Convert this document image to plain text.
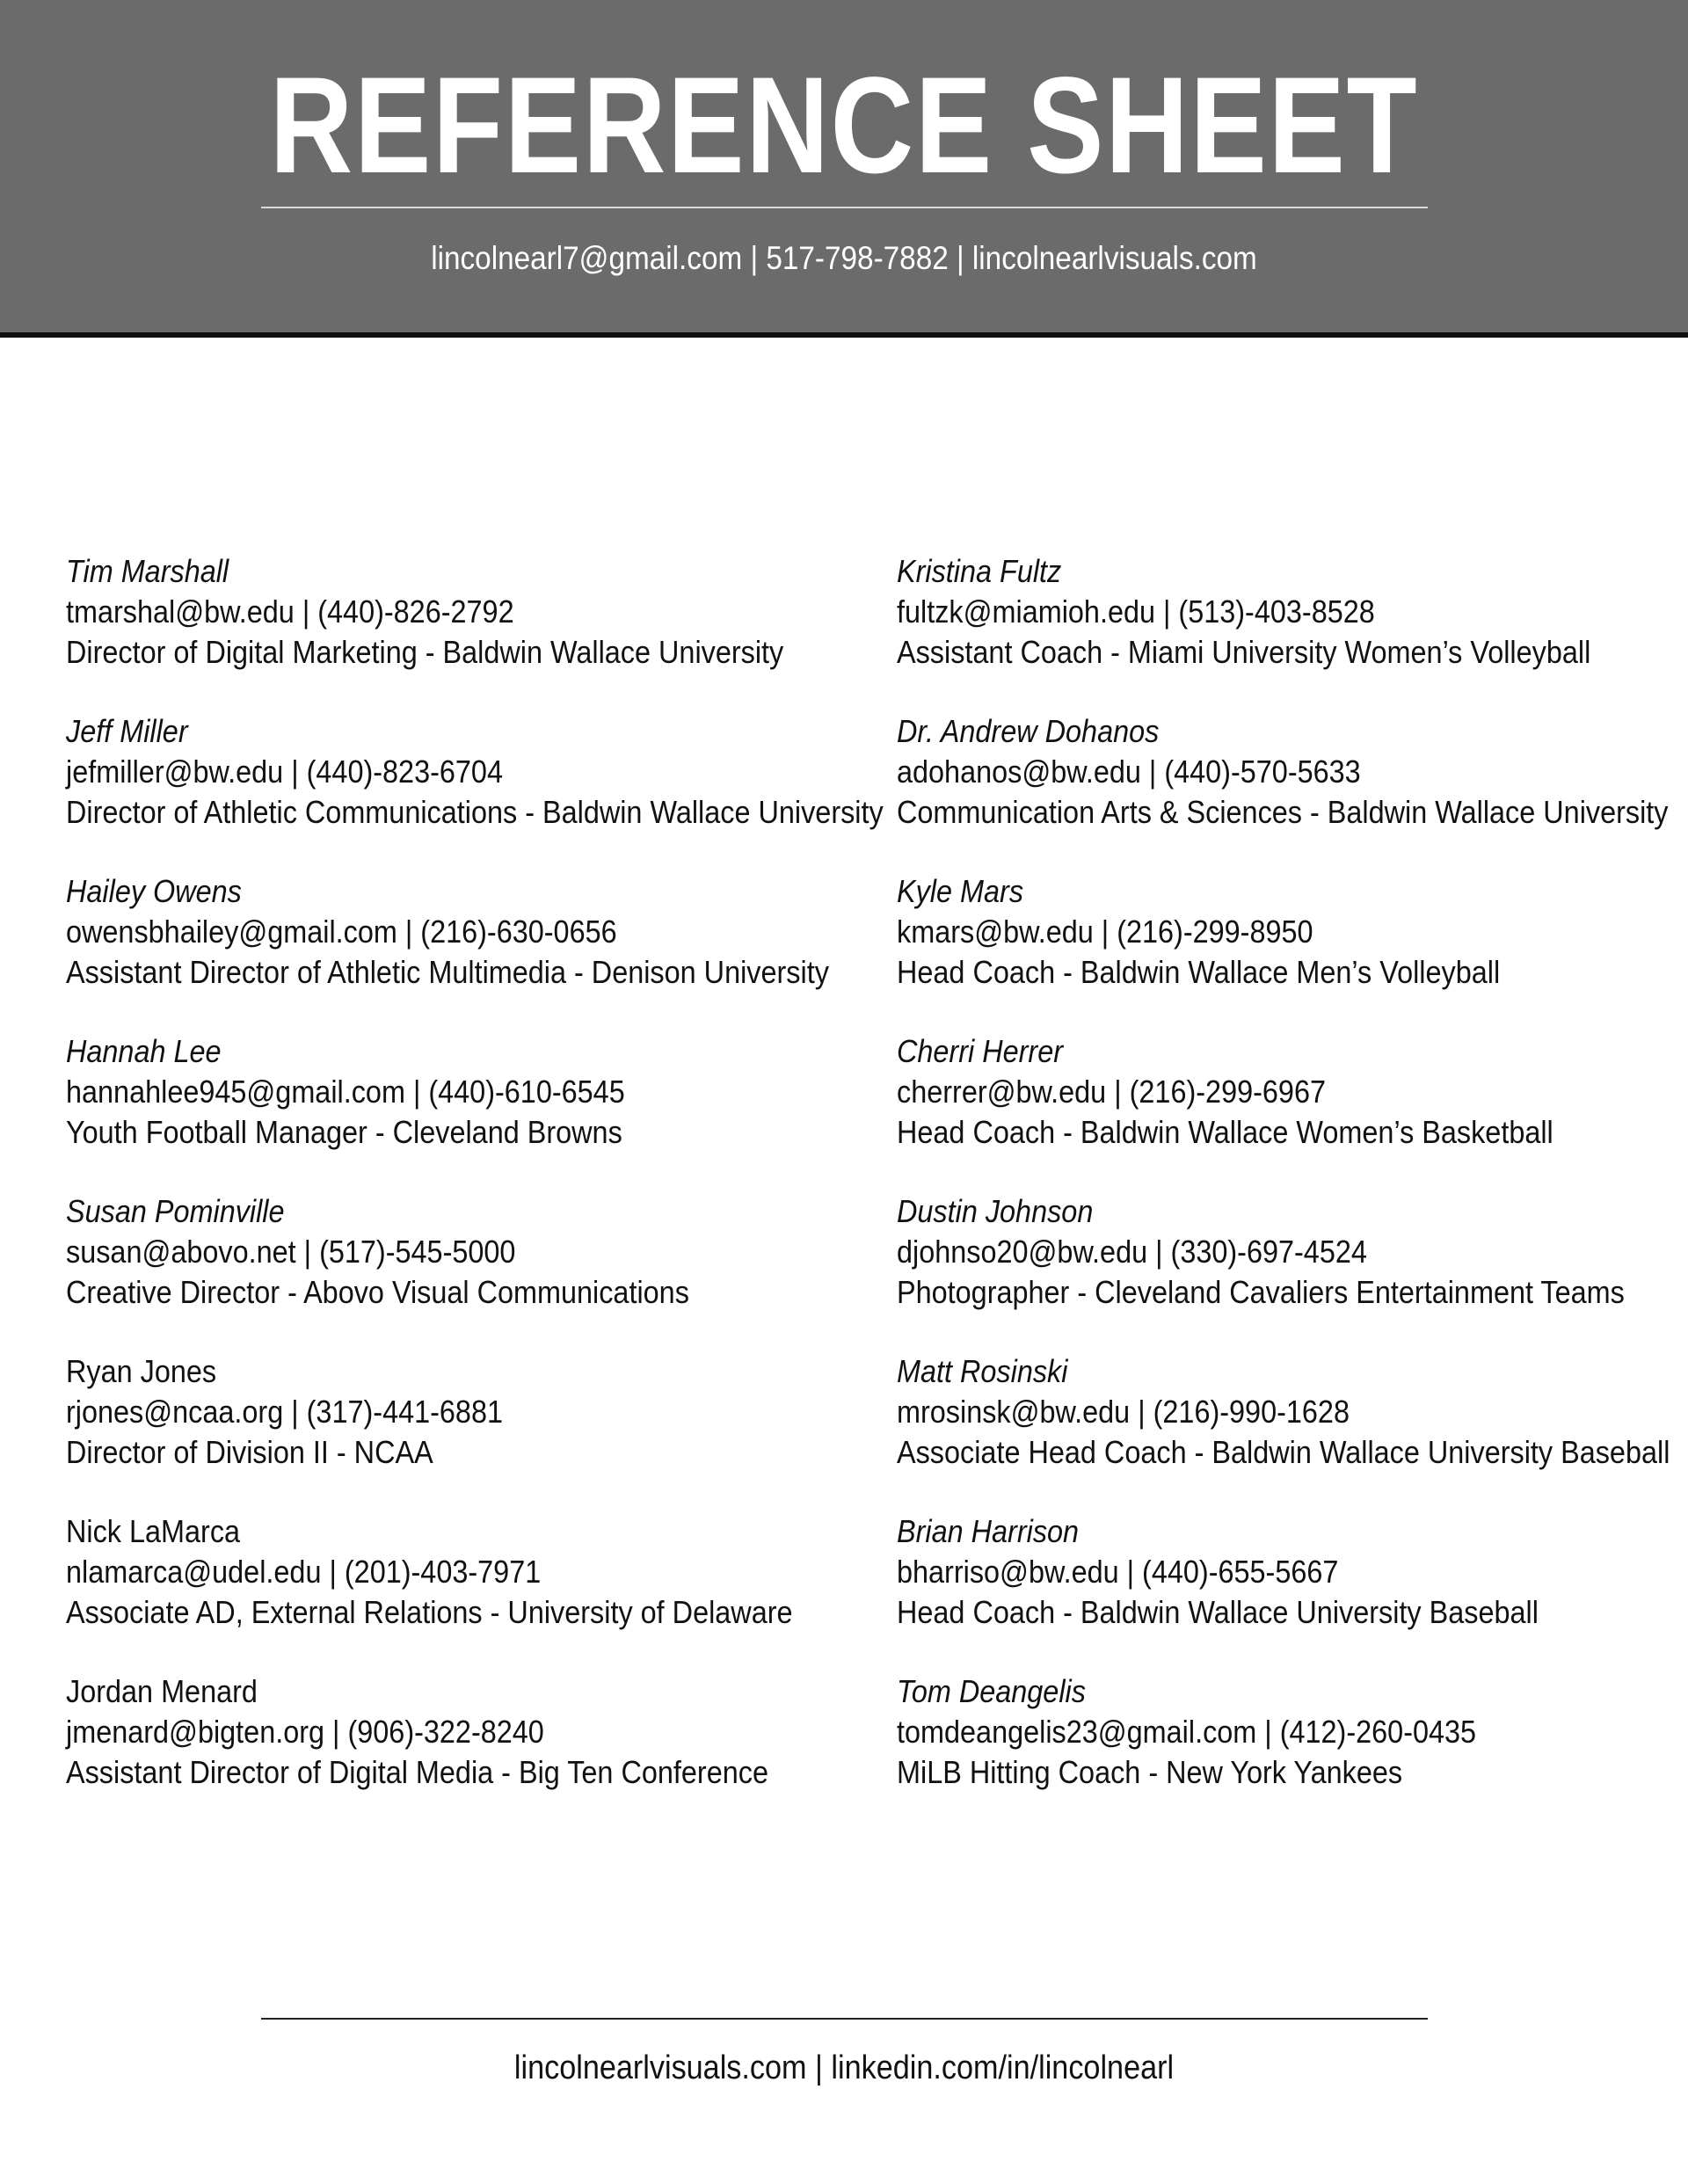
REFERENCE SHEET
lincolnearl7@gmail.com | 517-798-7882 | lincolnearlvisuals.com
Tim Marshall
tmarshal@bw.edu | (440)-826-2792
Director of Digital Marketing - Baldwin Wallace University
Jeff Miller
jefmiller@bw.edu | (440)-823-6704
Director of Athletic Communications - Baldwin Wallace University
Hailey Owens
owensbhailey@gmail.com | (216)-630-0656
Assistant Director of Athletic Multimedia - Denison University
Hannah Lee
hannahlee945@gmail.com | (440)-610-6545
Youth Football Manager - Cleveland Browns
Susan Pominville
susan@abovo.net | (517)-545-5000
Creative Director - Abovo Visual Communications
Ryan Jones
rjones@ncaa.org | (317)-441-6881
Director of Division II - NCAA
Nick LaMarca
nlamarca@udel.edu | (201)-403-7971
Associate AD, External Relations - University of Delaware
Jordan Menard
jmenard@bigten.org | (906)-322-8240
Assistant Director of Digital Media - Big Ten Conference
Kristina Fultz
fultzk@miamioh.edu | (513)-403-8528
Assistant Coach - Miami University Women’s Volleyball
Dr. Andrew Dohanos
adohanos@bw.edu | (440)-570-5633
Communication Arts & Sciences - Baldwin Wallace University
Kyle Mars
kmars@bw.edu | (216)-299-8950
Head Coach - Baldwin Wallace Men’s Volleyball
Cherri Herrer
cherrer@bw.edu | (216)-299-6967
Head Coach - Baldwin Wallace Women’s Basketball
Dustin Johnson
djohnso20@bw.edu | (330)-697-4524
Photographer - Cleveland Cavaliers Entertainment Teams
Matt Rosinski
mrosinsk@bw.edu | (216)-990-1628
Associate Head Coach - Baldwin Wallace University Baseball
Brian Harrison
bharriso@bw.edu | (440)-655-5667
Head Coach - Baldwin Wallace University Baseball
Tom Deangelis
tomdeangelis23@gmail.com | (412)-260-0435
MiLB Hitting Coach - New York Yankees
lincolnearlvisuals.com | linkedin.com/in/lincolnearl
